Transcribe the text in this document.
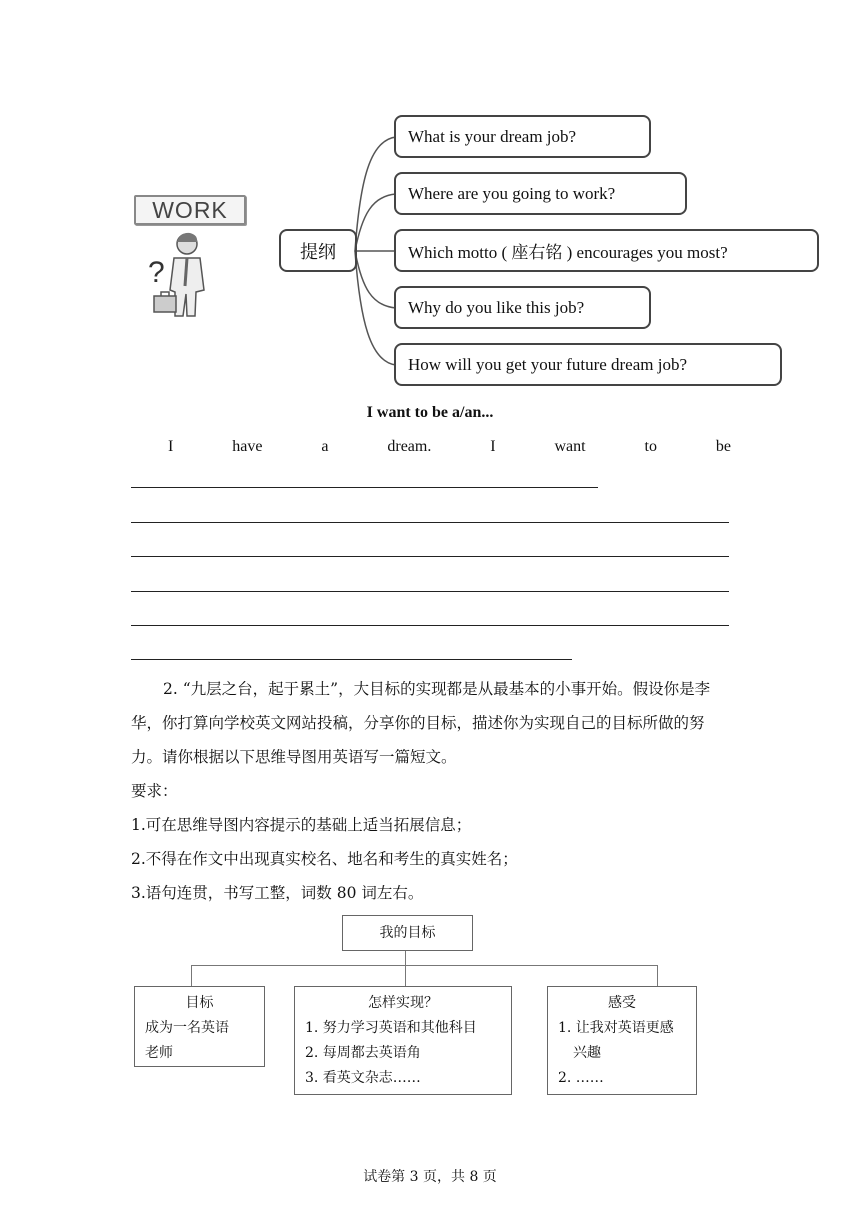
WORK
?
提纲
What is your dream job?
Where are you going to work?
Which motto ( 座右铭 ) encourages you most?
Why do you like this job?
How will you get your future dream job?
I want to be a/an...
I	have	a	dream.	I	want	to	be
2. “九层之台，起于累土”，大目标的实现都是从最基本的小事开始。假设你是李华，你打算向学校英文网站投稿，分享你的目标，描述你为实现自己的目标所做的努力。请你根据以下思维导图用英语写一篇短文。
要求：
1.可在思维导图内容提示的基础上适当拓展信息；
2.不得在作文中出现真实校名、地名和考生的真实姓名；
3.语句连贯，书写工整，词数 80 词左右。
我的目标
目标
成为一名英语
老师
怎样实现？
1. 努力学习英语和其他科目
2. 每周都去英语角
3. 看英文杂志……
感受
1. 让我对英语更感
兴趣
2. ……
试卷第 3 页，共 8 页
